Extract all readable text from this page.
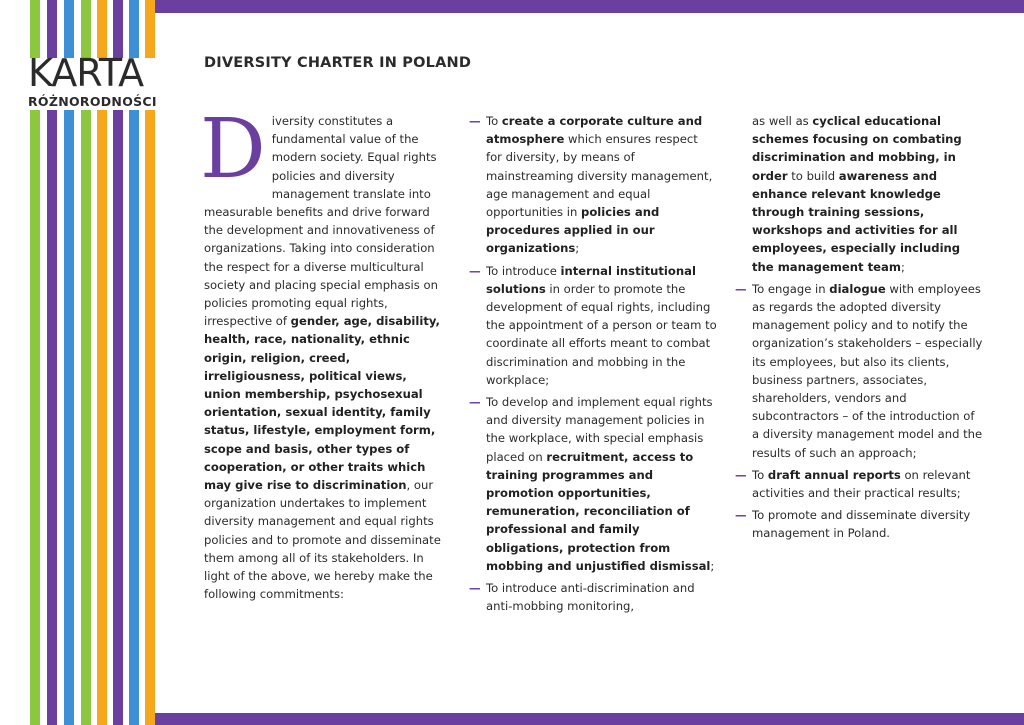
KARTA
RÓŻNORODNOŚCI
DIVERSITY CHARTER IN POLAND
Diversity constitutes a fundamental value of the modern society. Equal rights policies and diversity management translate into measurable benefits and drive forward the development and innovativeness of organizations. Taking into consideration the respect for a diverse multicultural society and placing special emphasis on policies promoting equal rights, irrespective of gender, age, disability, health, race, nationality, ethnic origin, religion, creed, irreligiousness, political views, union membership, psychosexual orientation, sexual identity, family status, lifestyle, employment form, scope and basis, other types of cooperation, or other traits which may give rise to discrimination, our organization undertakes to implement diversity management and equal rights policies and to promote and disseminate them among all of its stakeholders. In light of the above, we hereby make the following commitments:
— To create a corporate culture and atmosphere which ensures respect for diversity, by means of mainstreaming diversity management, age management and equal opportunities in policies and procedures applied in our organizations;
— To introduce internal institutional solutions in order to promote the development of equal rights, including the appointment of a person or team to coordinate all efforts meant to combat discrimination and mobbing in the workplace;
— To develop and implement equal rights and diversity management policies in the workplace, with special emphasis placed on recruitment, access to training programmes and promotion opportunities, remuneration, reconciliation of professional and family obligations, protection from mobbing and unjustified dismissal;
— To introduce anti-discrimination and anti-mobbing monitoring,
as well as cyclical educational schemes focusing on combating discrimination and mobbing, in order to build awareness and enhance relevant knowledge through training sessions, workshops and activities for all employees, especially including the management team;
— To engage in dialogue with employees as regards the adopted diversity management policy and to notify the organization’s stakeholders – especially its employees, but also its clients, business partners, associates, shareholders, vendors and subcontractors – of the introduction of a diversity management model and the results of such an approach;
— To draft annual reports on relevant activities and their practical results;
— To promote and disseminate diversity management in Poland.
